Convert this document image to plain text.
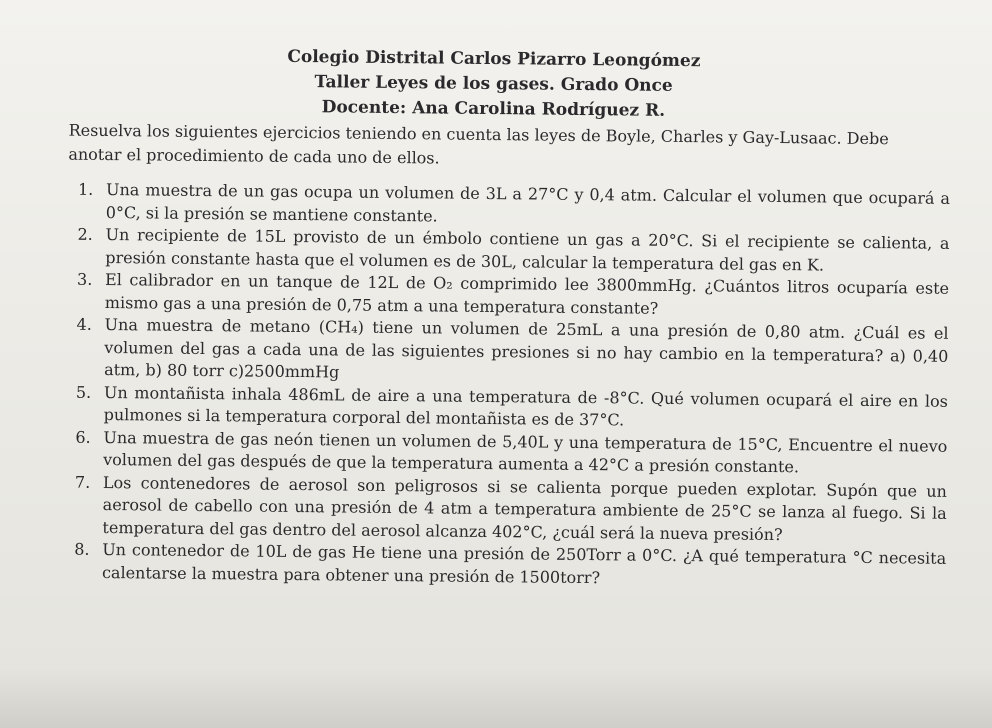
Colegio Distrital Carlos Pizarro Leongómez
Taller Leyes de los gases. Grado Once
Docente: Ana Carolina Rodríguez R.
Resuelva los siguientes ejercicios teniendo en cuenta las leyes de Boyle, Charles y Gay-Lusaac. Debe
anotar el procedimiento de cada uno de ellos.
1. Una muestra de un gas ocupa un volumen de 3L a 27°C y 0,4 atm. Calcular el volumen que ocupará a 0°C, si la presión se mantiene constante.
2. Un recipiente de 15L provisto de un émbolo contiene un gas a 20°C. Si el recipiente se calienta, a presión constante hasta que el volumen es de 30L, calcular la temperatura del gas en K.
3. El calibrador en un tanque de 12L de O₂ comprimido lee 3800mmHg. ¿Cuántos litros ocuparía este mismo gas a una presión de 0,75 atm a una temperatura constante?
4. Una muestra de metano (CH₄) tiene un volumen de 25mL a una presión de 0,80 atm. ¿Cuál es el volumen del gas a cada una de las siguientes presiones si no hay cambio en la temperatura? a) 0,40 atm, b) 80 torr c)2500mmHg
5. Un montañista inhala 486mL de aire a una temperatura de -8°C. Qué volumen ocupará el aire en los pulmones si la temperatura corporal del montañista es de 37°C.
6. Una muestra de gas neón tienen un volumen de 5,40L y una temperatura de 15°C, Encuentre el nuevo volumen del gas después de que la temperatura aumenta a 42°C a presión constante.
7. Los contenedores de aerosol son peligrosos si se calienta porque pueden explotar. Supón que un aerosol de cabello con una presión de 4 atm a temperatura ambiente de 25°C se lanza al fuego. Si la temperatura del gas dentro del aerosol alcanza 402°C, ¿cuál será la nueva presión?
8. Un contenedor de 10L de gas He tiene una presión de 250Torr a 0°C. ¿A qué temperatura °C necesita calentarse la muestra para obtener una presión de 1500torr?
